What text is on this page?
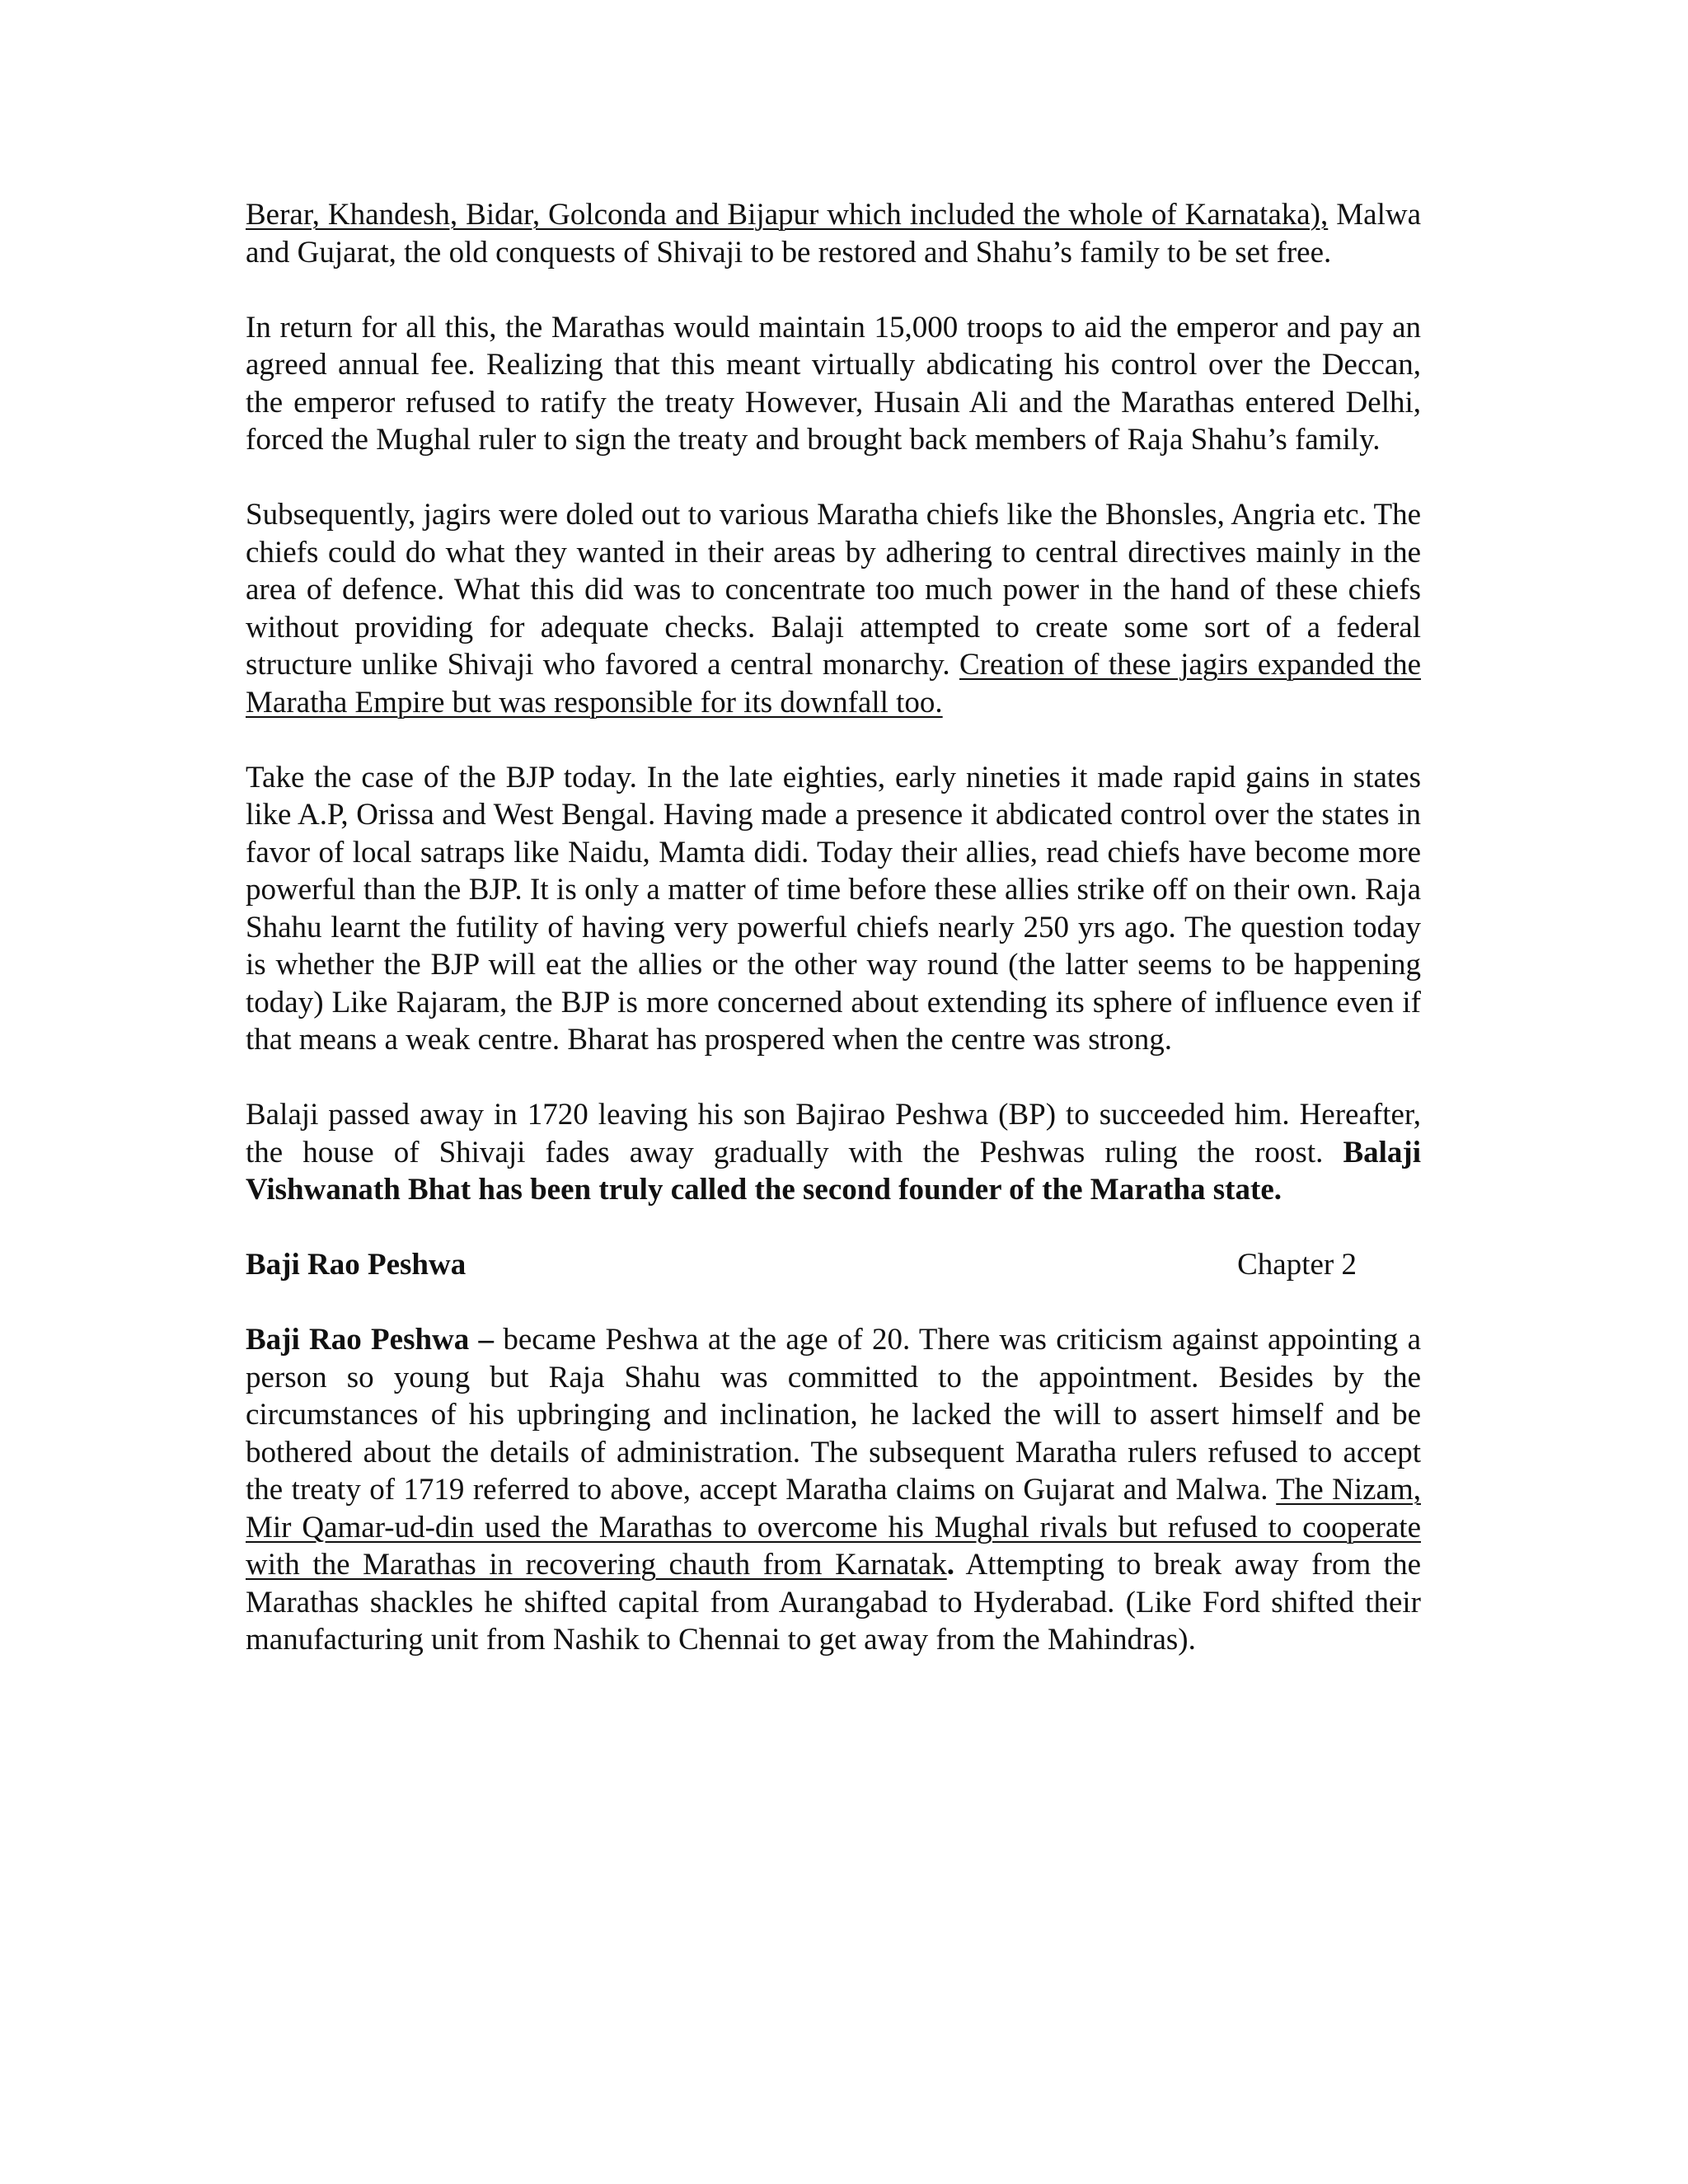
Berar, Khandesh, Bidar, Golconda and Bijapur which included the whole of Karnataka), Malwa and Gujarat, the old conquests of Shivaji to be restored and Shahu’s family to be set free.

In return for all this, the Marathas would maintain 15,000 troops to aid the emperor and pay an agreed annual fee. Realizing that this meant virtually abdicating his control over the Deccan, the emperor refused to ratify the treaty However, Husain Ali and the Marathas entered Delhi, forced the Mughal ruler to sign the treaty and brought back members of Raja Shahu’s family.

Subsequently, jagirs were doled out to various Maratha chiefs like the Bhonsles, Angria etc. The chiefs could do what they wanted in their areas by adhering to central directives mainly in the area of defence. What this did was to concentrate too much power in the hand of these chiefs without providing for adequate checks. Balaji attempted to create some sort of a federal structure unlike Shivaji who favored a central monarchy. Creation of these jagirs expanded the Maratha Empire but was responsible for its downfall too.

Take the case of the BJP today. In the late eighties, early nineties it made rapid gains in states like A.P, Orissa and West Bengal. Having made a presence it abdicated control over the states in favor of local satraps like Naidu, Mamta didi. Today their allies, read chiefs have become more powerful than the BJP. It is only a matter of time before these allies strike off on their own. Raja Shahu learnt the futility of having very powerful chiefs nearly 250 yrs ago. The question today is whether the BJP will eat the allies or the other way round (the latter seems to be happening today) Like Rajaram, the BJP is more concerned about extending its sphere of influence even if that means a weak centre. Bharat has prospered when the centre was strong.

Balaji passed away in 1720 leaving his son Bajirao Peshwa (BP) to succeeded him. Hereafter, the house of Shivaji fades away gradually with the Peshwas ruling the roost. Balaji Vishwanath Bhat has been truly called the second founder of the Maratha state.

Baji Rao Peshwa	Chapter 2

Baji Rao Peshwa – became Peshwa at the age of 20. There was criticism against appointing a person so young but Raja Shahu was committed to the appointment. Besides by the circumstances of his upbringing and inclination, he lacked the will to assert himself and be bothered about the details of administration. The subsequent Maratha rulers refused to accept the treaty of 1719 referred to above, accept Maratha claims on Gujarat and Malwa. The Nizam, Mir Qamar-ud-din used the Marathas to overcome his Mughal rivals but refused to cooperate with the Marathas in recovering chauth from Karnatak. Attempting to break away from the Marathas shackles he shifted capital from Aurangabad to Hyderabad. (Like Ford shifted their manufacturing unit from Nashik to Chennai to get away from the Mahindras).
